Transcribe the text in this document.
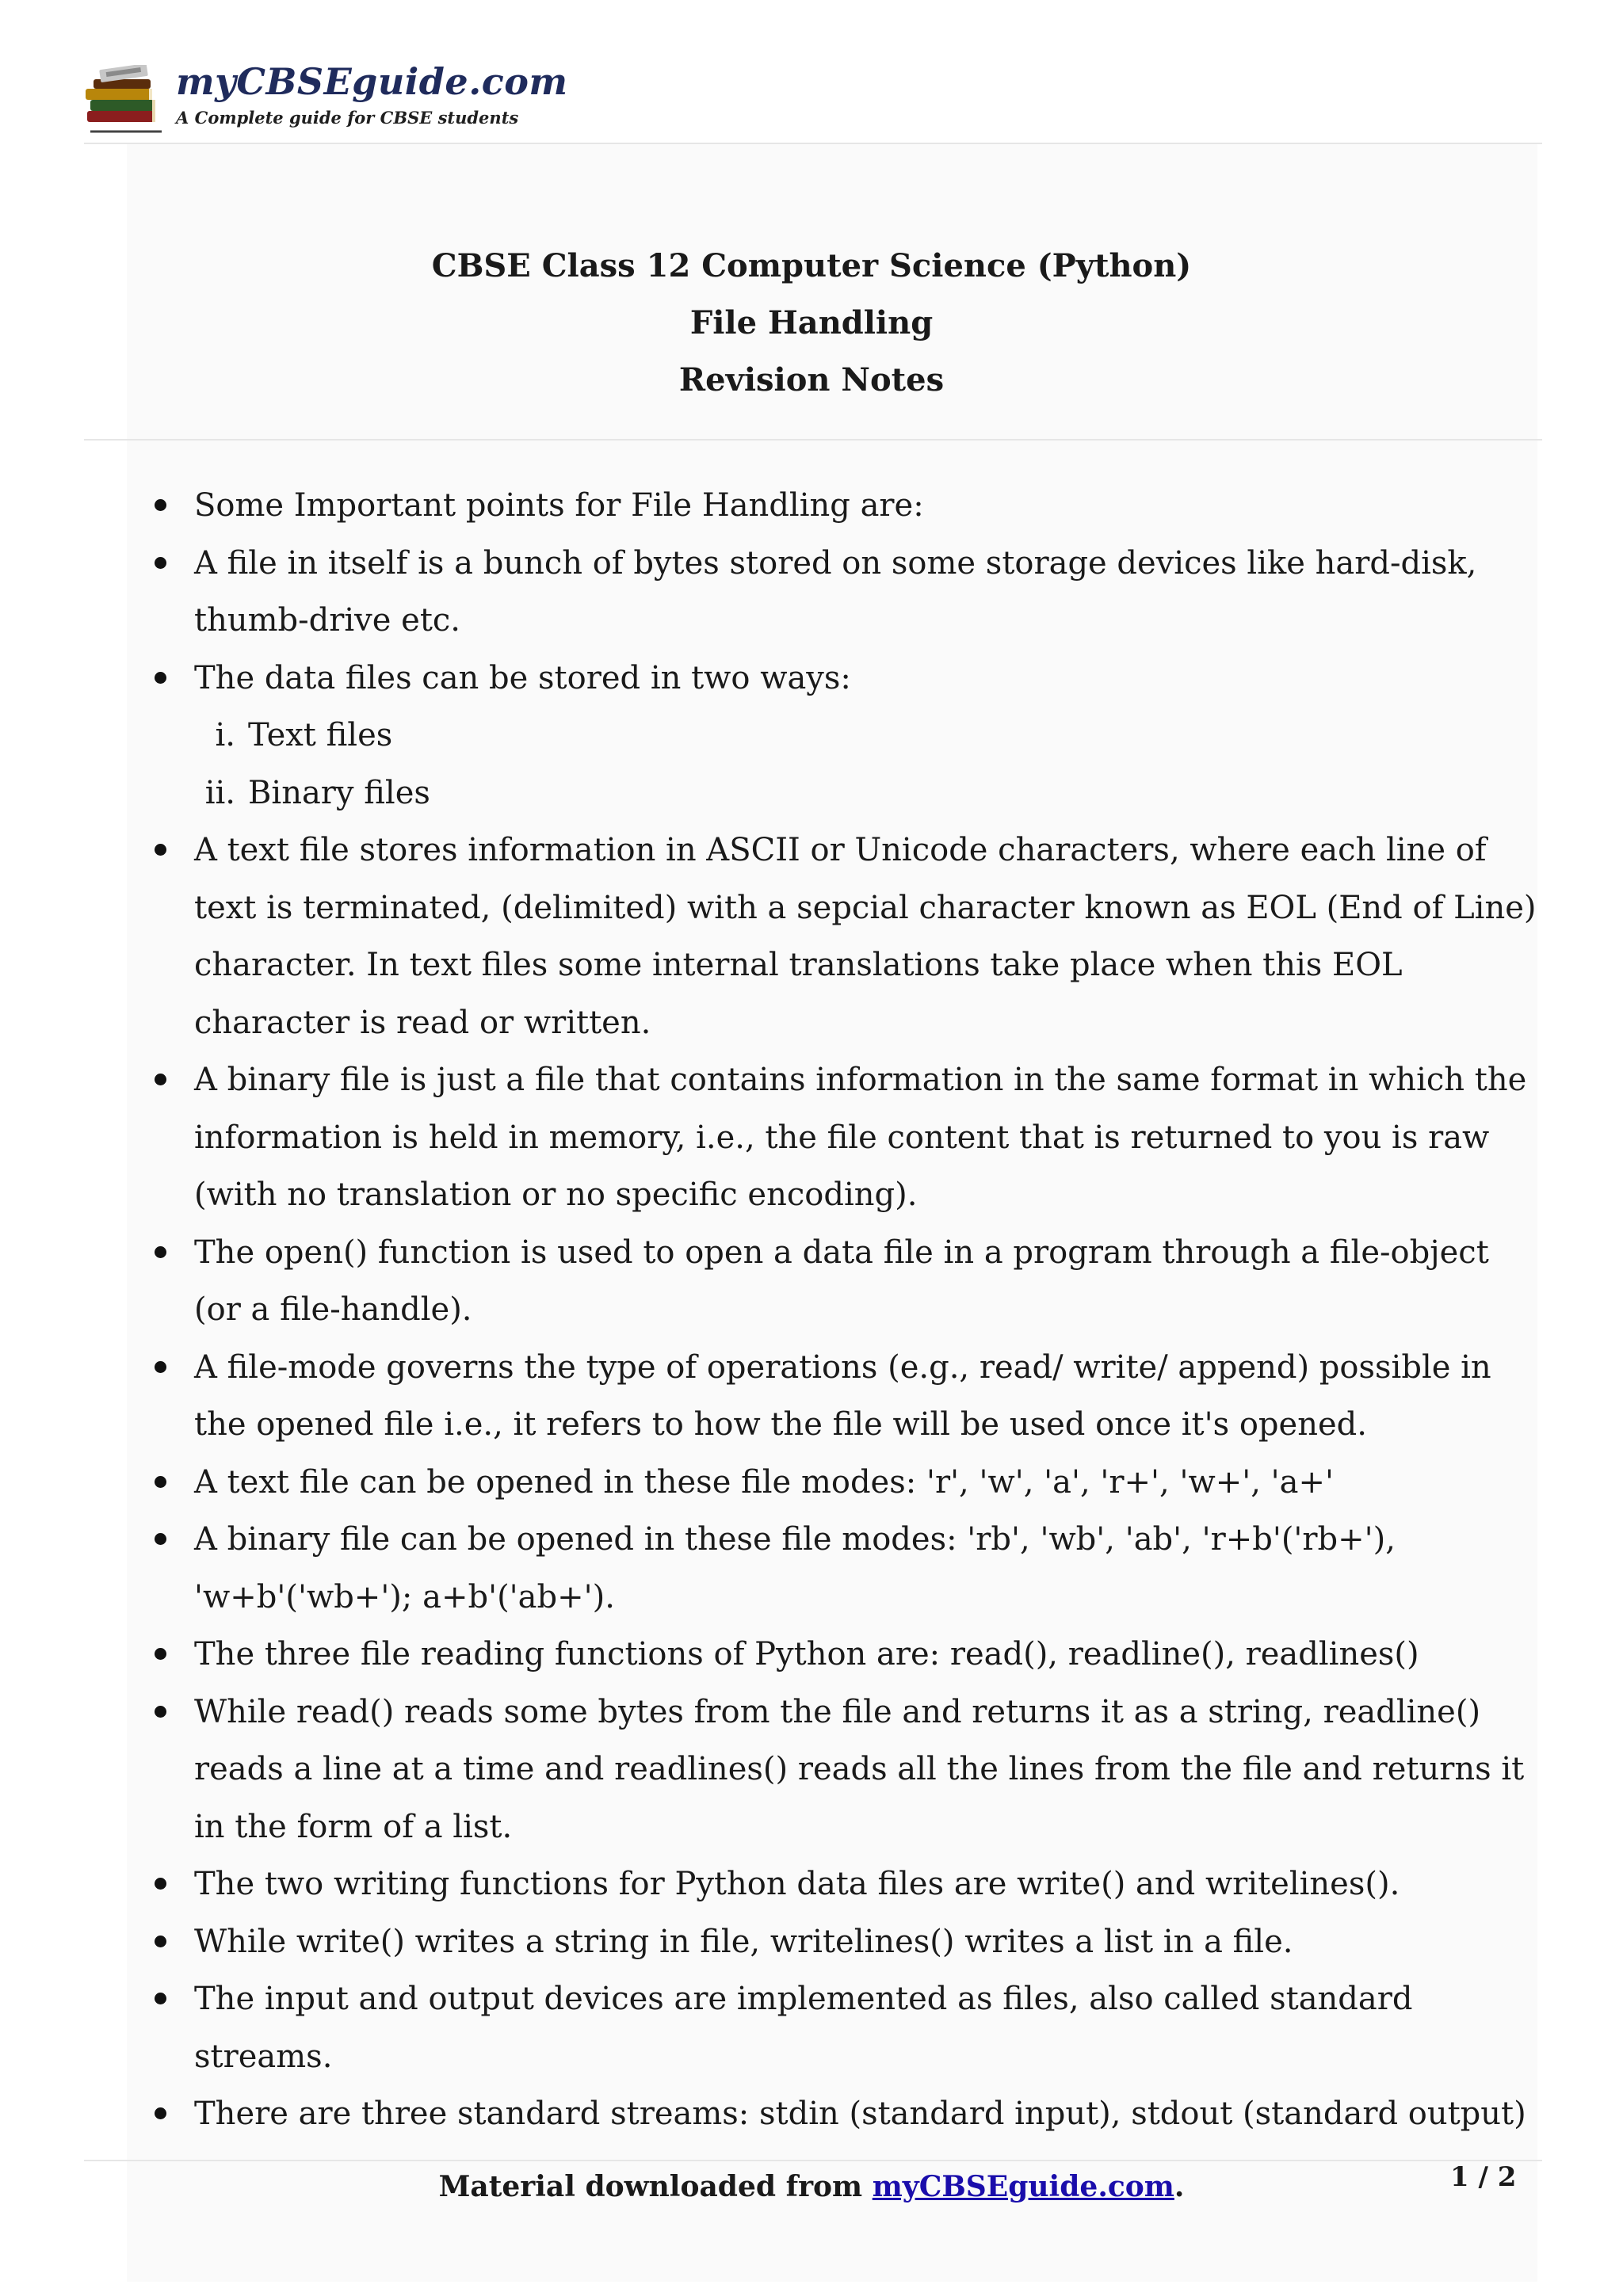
myCBSEguide.com
A Complete guide for CBSE students
CBSE Class 12 Computer Science (Python)
File Handling
Revision Notes
Some Important points for File Handling are:
A file in itself is a bunch of bytes stored on some storage devices like hard-disk, thumb-drive etc.
The data files can be stored in two ways:
i. Text files
ii. Binary files
A text file stores information in ASCII or Unicode characters, where each line of text is terminated, (delimited) with a sepcial character known as EOL (End of Line) character. In text files some internal translations take place when this EOL character is read or written.
A binary file is just a file that contains information in the same format in which the information is held in memory, i.e., the file content that is returned to you is raw (with no translation or no specific encoding).
The open() function is used to open a data file in a program through a file-object (or a file-handle).
A file-mode governs the type of operations (e.g., read/ write/ append) possible in the opened file i.e., it refers to how the file will be used once it's opened.
A text file can be opened in these file modes: 'r', 'w', 'a', 'r+', 'w+', 'a+'
A binary file can be opened in these file modes: 'rb', 'wb', 'ab', 'r+b'('rb+'), 'w+b'('wb+'); a+b'('ab+').
The three file reading functions of Python are: read(), readline(), readlines()
While read() reads some bytes from the file and returns it as a string, readline() reads a line at a time and readlines() reads all the lines from the file and returns it in the form of a list.
The two writing functions for Python data files are write() and writelines().
While write() writes a string in file, writelines() writes a list in a file.
The input and output devices are implemented as files, also called standard streams.
There are three standard streams: stdin (standard input), stdout (standard output)
Material downloaded from myCBSEguide.com.	1 / 2
